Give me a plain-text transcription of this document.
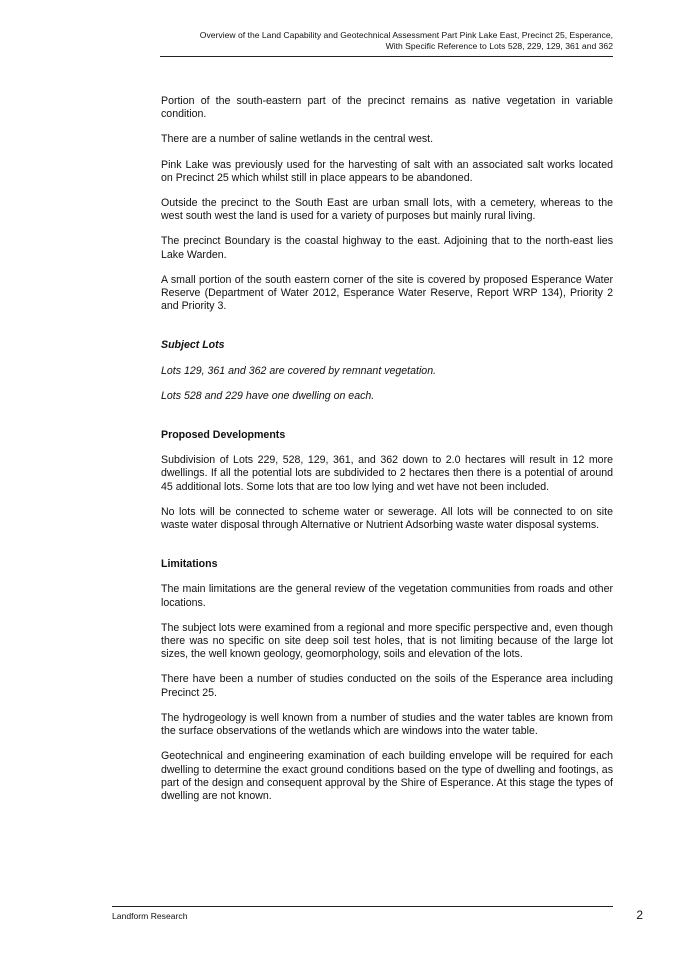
Overview of the Land Capability and Geotechnical Assessment Part Pink Lake East, Precinct 25, Esperance,
With Specific Reference to Lots 528, 229, 129, 361 and 362

Portion of the south-eastern part of the precinct remains as native vegetation in variable condition.

There are a number of saline wetlands in the central west.

Pink Lake was previously used for the harvesting of salt with an associated salt works located on Precinct 25 which whilst still in place appears to be abandoned.

Outside the precinct to the South East are urban small lots, with a cemetery, whereas to the west south west the land is used for a variety of purposes but mainly rural living.

The precinct Boundary is the coastal highway to the east. Adjoining that to the north-east lies Lake Warden.

A small portion of the south eastern corner of the site is covered by proposed Esperance Water Reserve (Department of Water 2012, Esperance Water Reserve, Report WRP 134), Priority 2 and Priority 3.

Subject Lots

Lots 129, 361 and 362 are covered by remnant vegetation.

Lots 528 and 229 have one dwelling on each.

Proposed Developments

Subdivision of Lots 229, 528, 129, 361, and 362 down to 2.0 hectares will result in 12 more dwellings. If all the potential lots are subdivided to 2 hectares then there is a potential of around 45 additional lots. Some lots that are too low lying and wet have not been included.

No lots will be connected to scheme water or sewerage. All lots will be connected to on site waste water disposal through Alternative or Nutrient Adsorbing waste water disposal systems.

Limitations

The main limitations are the general review of the vegetation communities from roads and other locations.

The subject lots were examined from a regional and more specific perspective and, even though there was no specific on site deep soil test holes, that is not limiting because of the large lot sizes, the well known geology, geomorphology, soils and elevation of the lots.

There have been a number of studies conducted on the soils of the Esperance area including Precinct 25.

The hydrogeology is well known from a number of studies and the water tables are known from the surface observations of the wetlands which are windows into the water table.

Geotechnical and engineering examination of each building envelope will be required for each dwelling to determine the exact ground conditions based on the type of dwelling and footings, as part of the design and consequent approval by the Shire of Esperance. At this stage the types of dwelling are not known.

Landform Research	2
